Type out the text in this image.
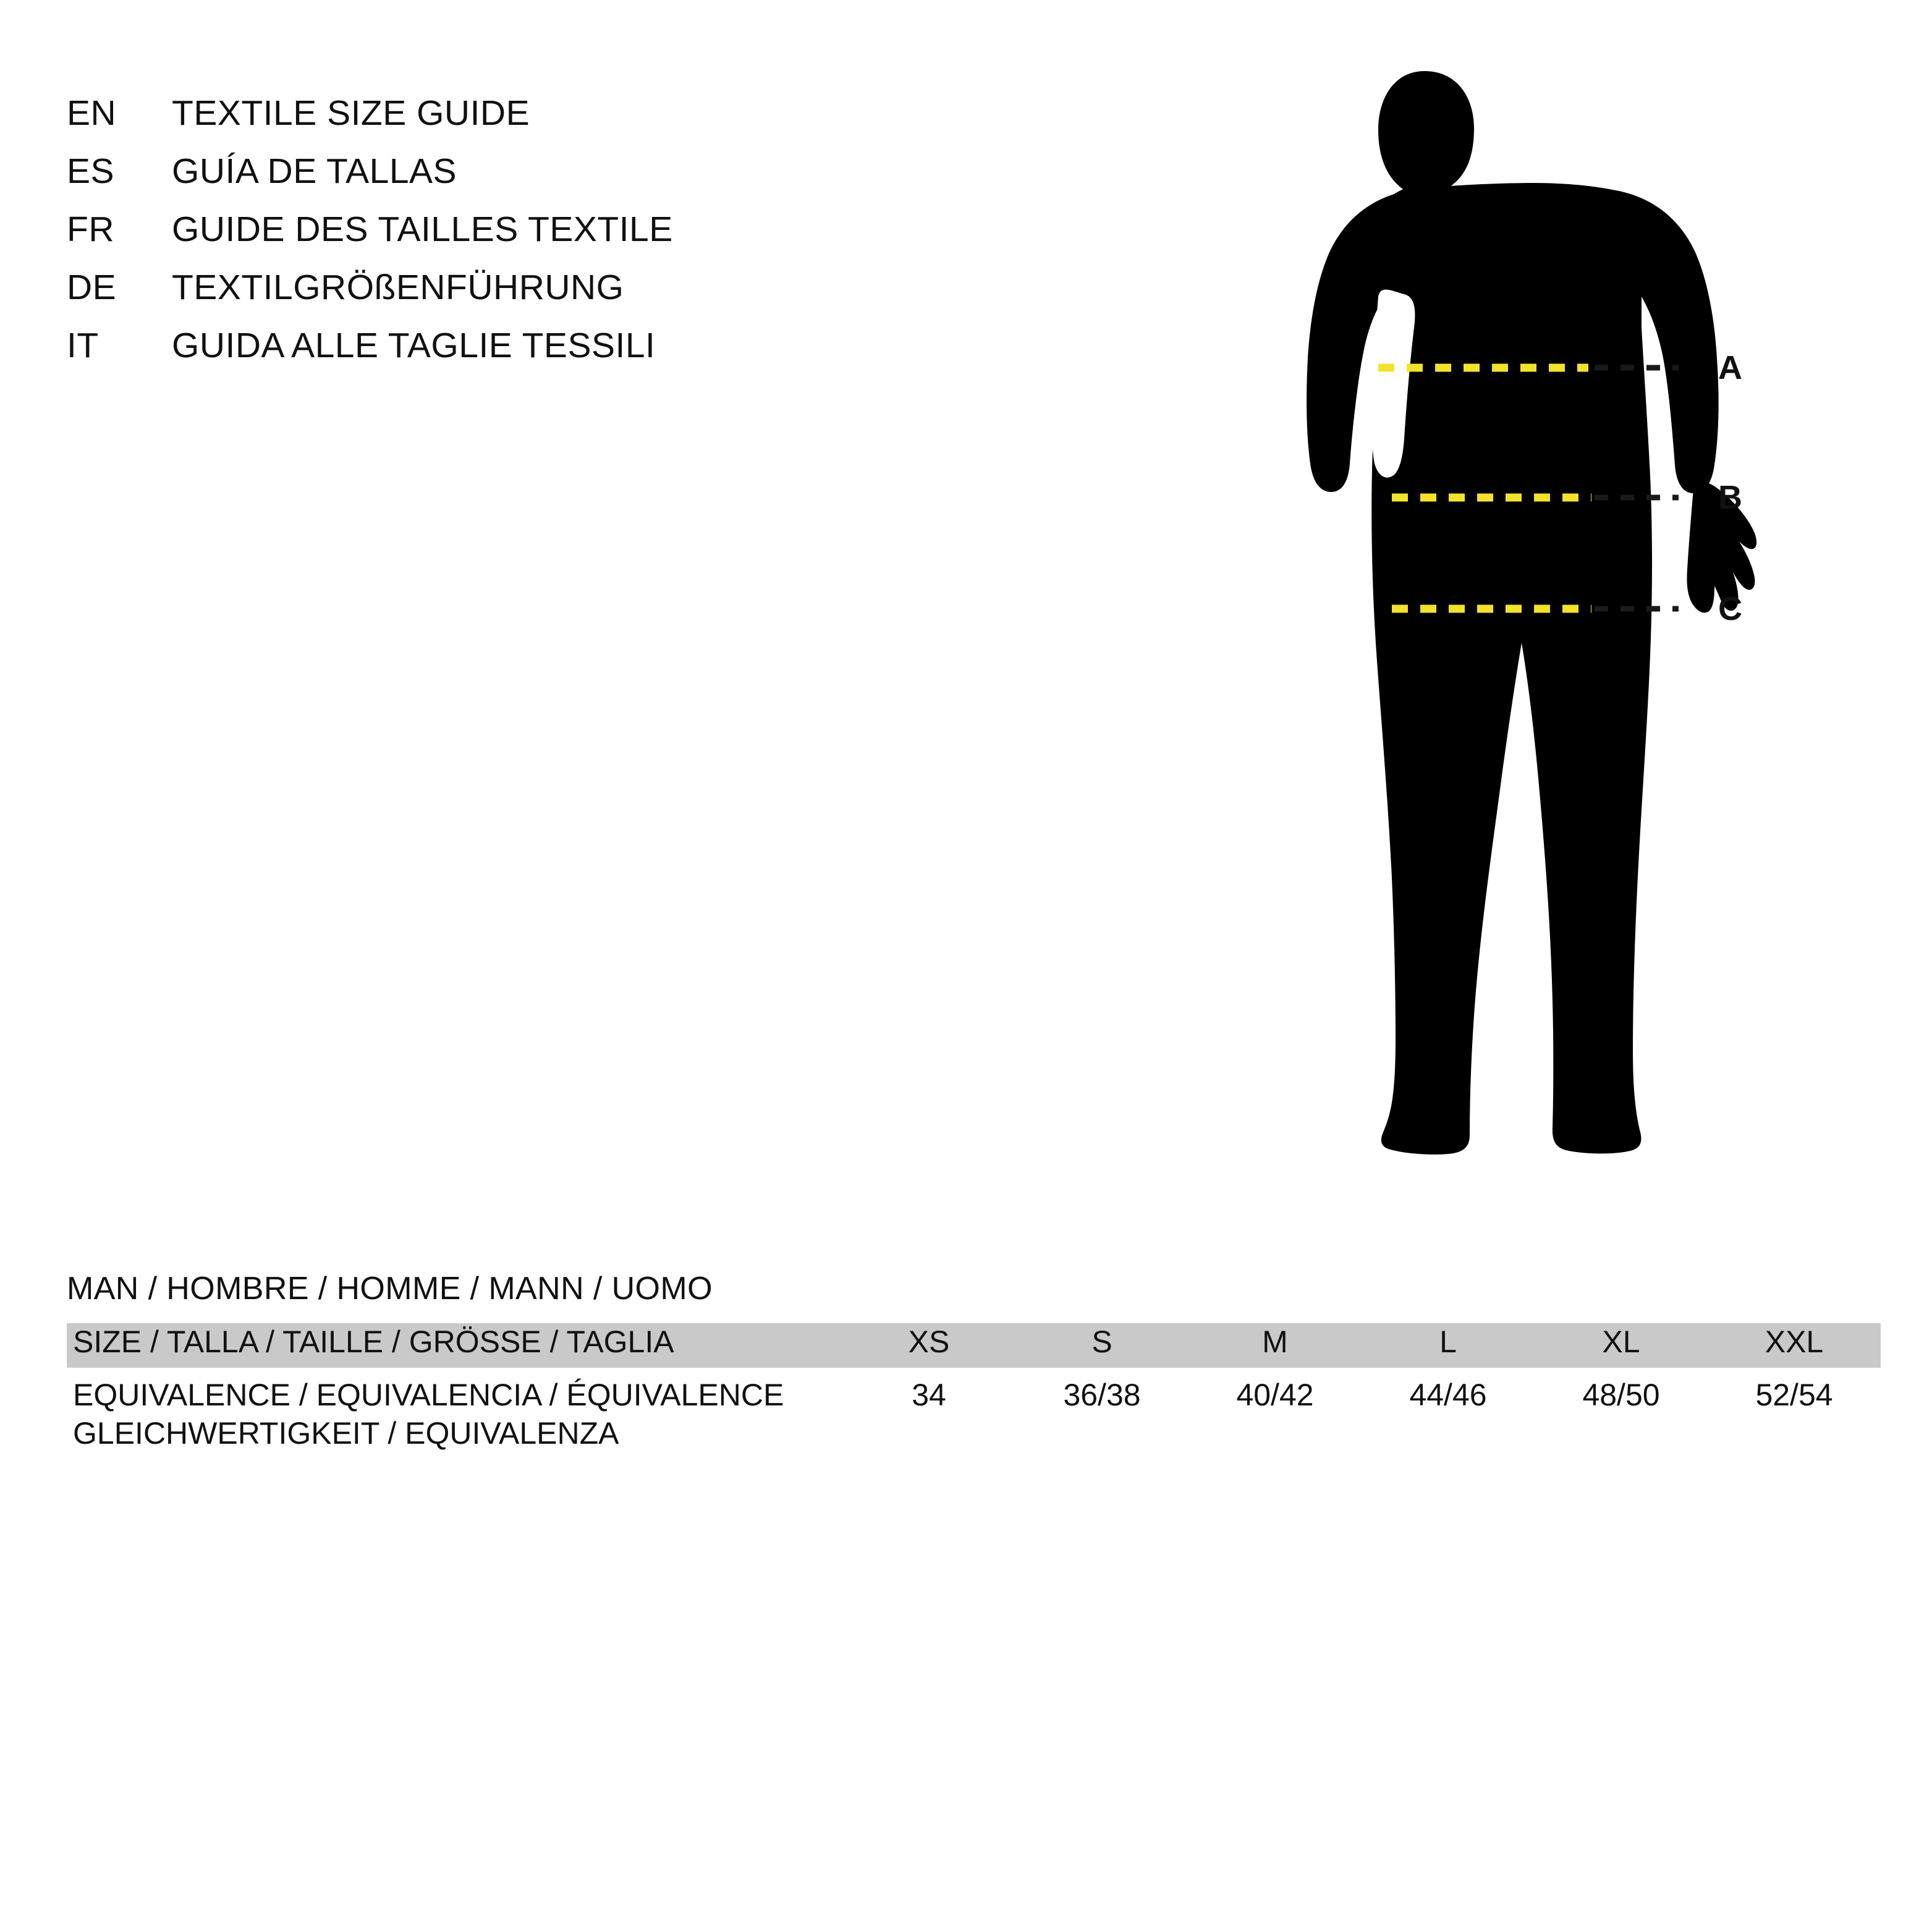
EN	TEXTILE SIZE GUIDE
ES	GUÍA DE TALLAS
FR	GUIDE DES TAILLES TEXTILE
DE	TEXTILGRÖßENFÜHRUNG
IT	GUIDA ALLE TAGLIE TESSILI
A
B
C
MAN / HOMBRE / HOMME / MANN / UOMO
SIZE / TALLA / TAILLE / GRÖSSE / TAGLIA	XS	S	M	L	XL	XXL
EQUIVALENCE / EQUIVALENCIA / ÉQUIVALENCE	34	36/38	40/42	44/46	48/50	52/54
GLEICHWERTIGKEIT / EQUIVALENZA
